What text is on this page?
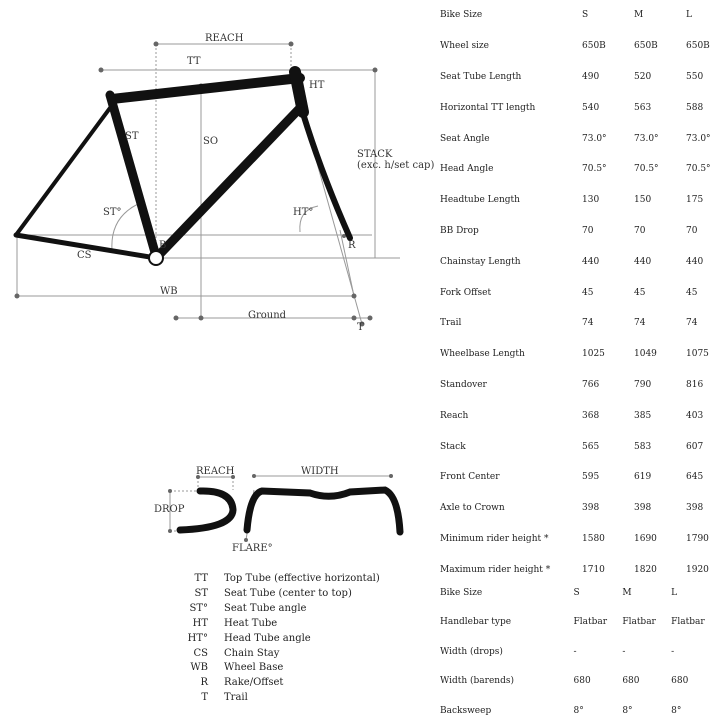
REACH
TT
HT
ST	SO
STACK
(exc. h/set cap)
ST°	HT°
CS
B	R
WB
Ground
T
REACH	WIDTH
DROP
FLARE°
TT	Top Tube (effective horizontal)
ST	Seat Tube (center to top)
ST°	Seat Tube angle
HT	Heat Tube
HT°	Head Tube angle
CS	Chain Stay
WB	Wheel Base
R	Rake/Offset
T	Trail
Bike Size	S	M	L
Wheel size	650B	650B	650B
Seat Tube Length	490	520	550
Horizontal TT length	540	563	588
Seat Angle	73.0°	73.0°	73.0°
Head Angle	70.5°	70.5°	70.5°
Headtube Length	130	150	175
BB Drop	70	70	70
Chainstay Length	440	440	440
Fork Offset	45	45	45
Trail	74	74	74
Wheelbase Length	1025	1049	1075
Standover	766	790	816
Reach	368	385	403
Stack	565	583	607
Front Center	595	619	645
Axle to Crown	398	398	398
Minimum rider height *	1580	1690	1790
Maximum rider height *	1710	1820	1920
Bike Size	S	M	L
Handlebar type	Flatbar	Flatbar	Flatbar
Width (drops)	-	-	-
Width (barends)	680	680	680
Backsweep	8°	8°	8°
